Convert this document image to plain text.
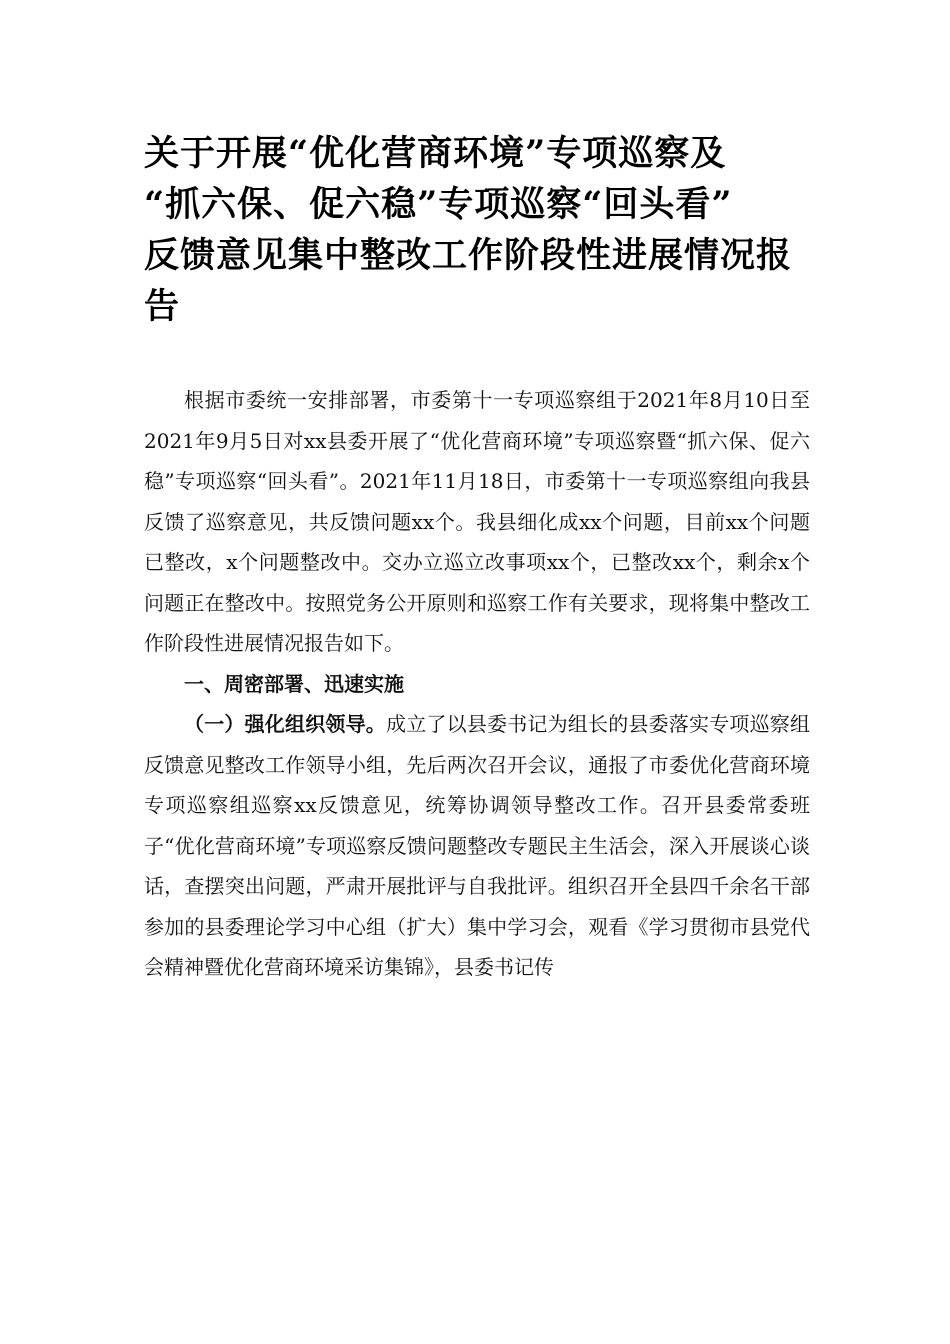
关于开展“优化营商环境”专项巡察及
“抓六保、促六稳”专项巡察“回头看”
反馈意见集中整改工作阶段性进展情况报
告

根据市委统一安排部署，市委第十一专项巡察组于2021年8月10日至2021年9月5日对xx县委开展了“优化营商环境”专项巡察暨“抓六保、促六稳”专项巡察“回头看”。2021年11月18日，市委第十一专项巡察组向我县反馈了巡察意见，共反馈问题xx个。我县细化成xx个问题，目前xx个问题已整改，x个问题整改中。交办立巡立改事项xx个，已整改xx个，剩余x个问题正在整改中。按照党务公开原则和巡察工作有关要求，现将集中整改工作阶段性进展情况报告如下。

一、周密部署、迅速实施

（一）强化组织领导。成立了以县委书记为组长的县委落实专项巡察组反馈意见整改工作领导小组，先后两次召开会议，通报了市委优化营商环境专项巡察组巡察xx反馈意见，统筹协调领导整改工作。召开县委常委班子“优化营商环境”专项巡察反馈问题整改专题民主生活会，深入开展谈心谈话，查摆突出问题，严肃开展批评与自我批评。组织召开全县四千余名干部参加的县委理论学习中心组（扩大）集中学习会，观看《学习贯彻市县党代会精神暨优化营商环境采访集锦》，县委书记传
